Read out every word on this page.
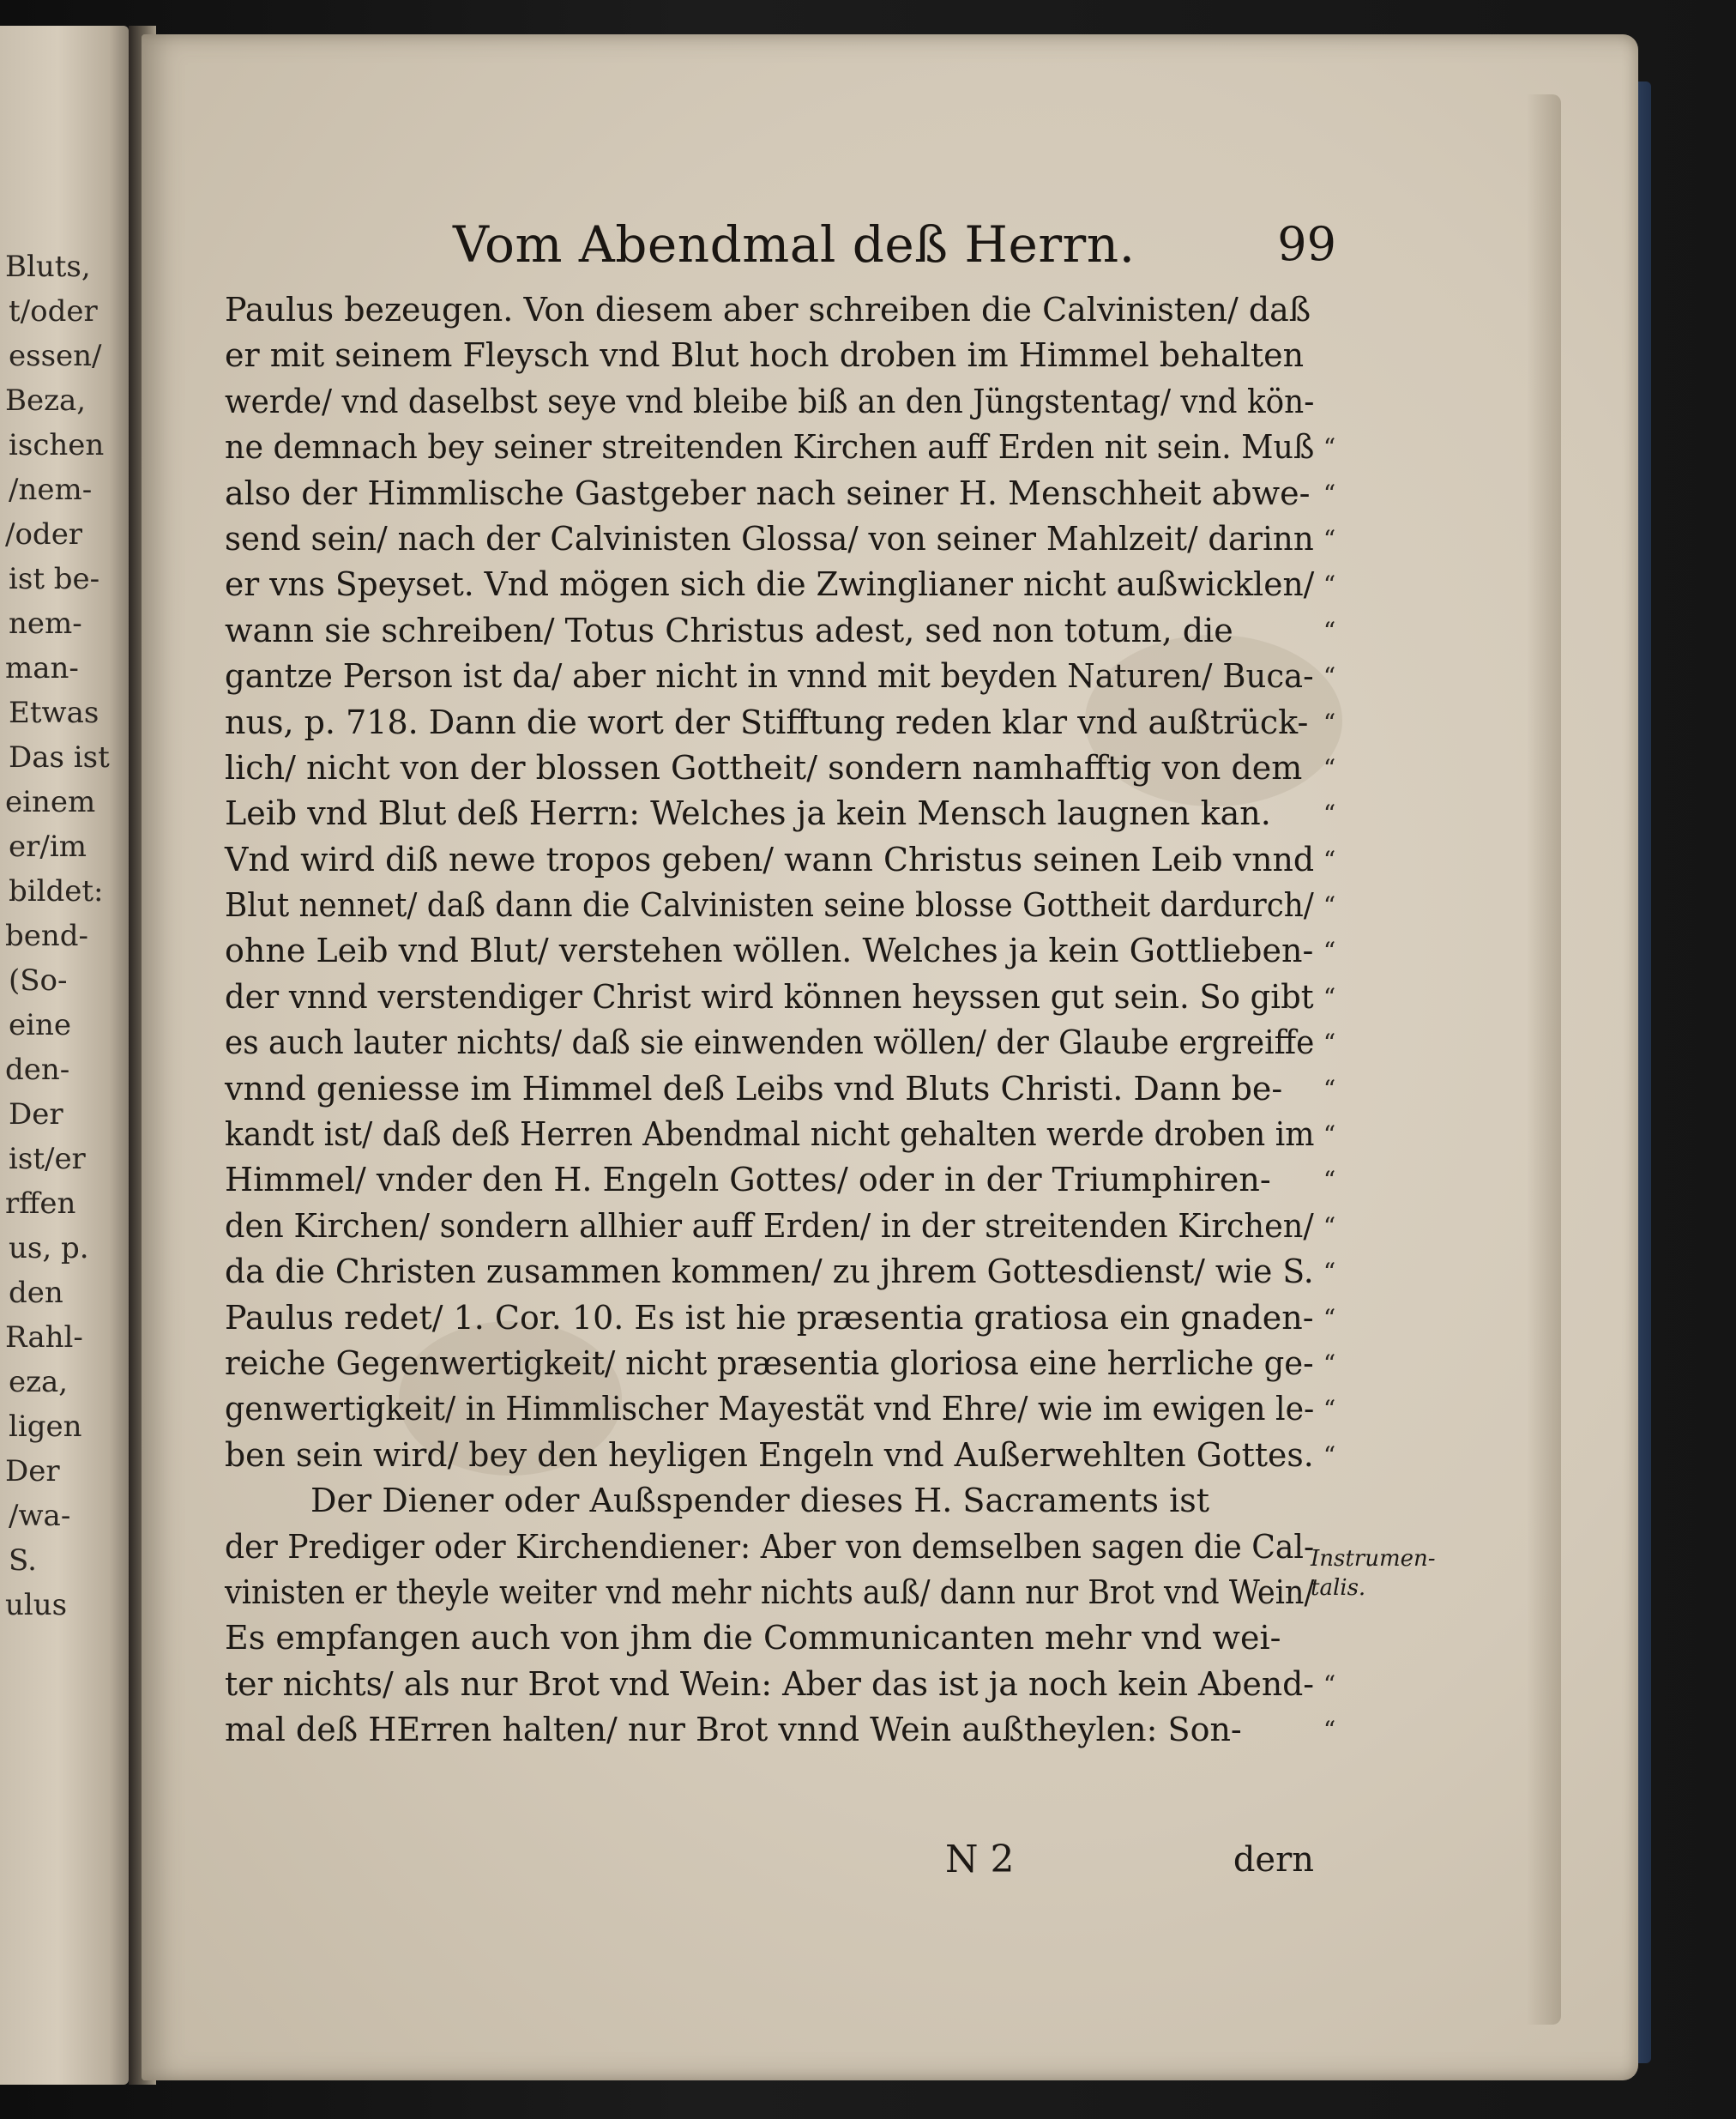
Bluts,
t/oder
essen/
Beza,
ischen
/nem-
/oder
ist be-
nem-
man-
Etwas
Das ist
einem
er/im
bildet:
bend-
(So-
eine
den-
Der
ist/er
rffen
us, p.
den
Rahl-
eza,
ligen
Der
/wa-
S.
ulus
Vom Abendmal deß Herrn.	99
Paulus bezeugen. Von diesem aber schreiben die Calvinisten/ daß
er mit seinem Fleysch vnd Blut hoch droben im Himmel behalten
werde/ vnd daselbst seye vnd bleibe biß an den Jüngstentag/ vnd kön-
ne demnach bey seiner streitenden Kirchen auff Erden nit sein. Muß
also der Himmlische Gastgeber nach seiner H. Menschheit abwe-
send sein/ nach der Calvinisten Glossa/ von seiner Mahlzeit/ darinn
er vns Speyset. Vnd mögen sich die Zwinglianer nicht außwicklen/
wann sie schreiben/ Totus Christus adest, sed non totum, die
gantze Person ist da/ aber nicht in vnnd mit beyden Naturen/ Buca-
nus, p. 718. Dann die wort der Stifftung reden klar vnd außtrück-
lich/ nicht von der blossen Gottheit/ sondern namhafftig von dem
Leib vnd Blut deß Herrn: Welches ja kein Mensch laugnen kan.
Vnd wird diß newe tropos geben/ wann Christus seinen Leib vnnd
Blut nennet/ daß dann die Calvinisten seine blosse Gottheit dardurch/
ohne Leib vnd Blut/ verstehen wöllen. Welches ja kein Gottlieben-
der vnnd verstendiger Christ wird können heyssen gut sein. So gibt
es auch lauter nichts/ daß sie einwenden wöllen/ der Glaube ergreiffe
vnnd geniesse im Himmel deß Leibs vnd Bluts Christi. Dann be-
kandt ist/ daß deß Herren Abendmal nicht gehalten werde droben im
Himmel/ vnder den H. Engeln Gottes/ oder in der Triumphiren-
den Kirchen/ sondern allhier auff Erden/ in der streitenden Kirchen/
da die Christen zusammen kommen/ zu jhrem Gottesdienst/ wie S.
Paulus redet/ 1. Cor. 10. Es ist hie præsentia gratiosa ein gnaden-
reiche Gegenwertigkeit/ nicht præsentia gloriosa eine herrliche ge-
genwertigkeit/ in Himmlischer Mayestät vnd Ehre/ wie im ewigen le-
ben sein wird/ bey den heyligen Engeln vnd Außerwehlten Gottes.
Der Diener oder Außspender dieses H. Sacraments ist
der Prediger oder Kirchendiener: Aber von demselben sagen die Cal-
vinisten er theyle weiter vnd mehr nichts auß/ dann nur Brot vnd Wein/
Es empfangen auch von jhm die Communicanten mehr vnd wei-
ter nichts/ als nur Brot vnd Wein: Aber das ist ja noch kein Abend-
mal deß HErren halten/ nur Brot vnnd Wein außtheylen: Son-
“
“
“
“
“
“
“
“
“
“
“
“
“
“
“
“
“
“
“
“
“
“
“
“
“
Instrumen-
talis.
N 2	dern
